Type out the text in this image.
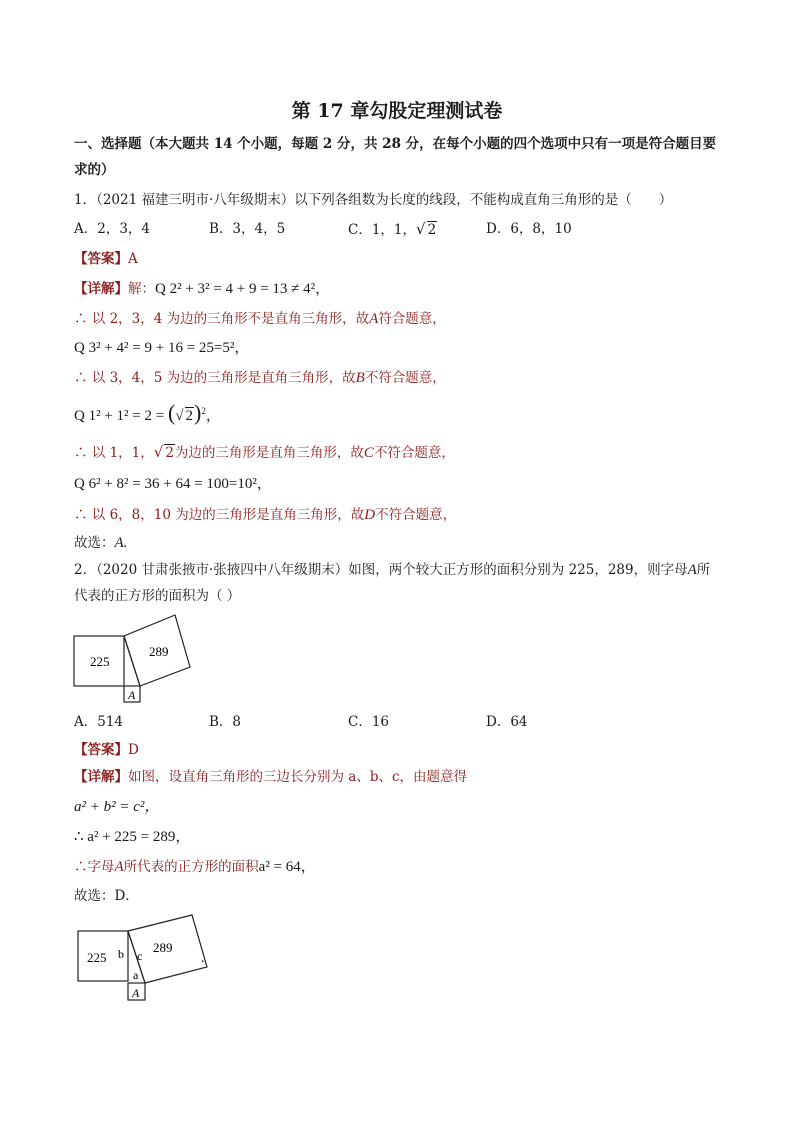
第 17 章勾股定理测试卷
一、选择题（本大题共 14 个小题，每题 2 分，共 28 分，在每个小题的四个选项中只有一项是符合题目要
求的）
1．（2021 福建三明市·八年级期末）以下列各组数为长度的线段，不能构成直角三角形的是（　　）
A．2，3，4	B．3，4，5	C．1，1，√ 2	D．6，8，10
【答案】A
【详解】解：Q 2² + 3² = 4 + 9 = 13 ≠ 4²，
∴ 以 2，3，4 为边的三角形不是直角三角形，故A符合题意，
Q 3² + 4² = 9 + 16 = 25=5²，
∴ 以 3，4，5 为边的三角形是直角三角形，故B不符合题意，
Q 1² + 1² = 2 = (√ 2)$^2$，
∴ 以 1，1，√ 2为边的三角形是直角三角形，故C不符合题意，
Q 6² + 8² = 36 + 64 = 100=10²，
∴ 以 6，8，10 为边的三角形是直角三角形，故D不符合题意，
故选：A.
2．（2020 甘肃张掖市·张掖四中八年级期末）如图，两个较大正方形的面积分别为 225，289，则字母A所
代表的正方形的面积为（ ）
225
289
A
A．514	B．8	C．16	D．64
【答案】D
【详解】如图，设直角三角形的三边长分别为 a、b、c，由题意得
a² + b² = c²，
∴ a² + 225 = 289，
∴字母A所代表的正方形的面积a² = 64，
故选：D．
225
289
b c
a
A
.
